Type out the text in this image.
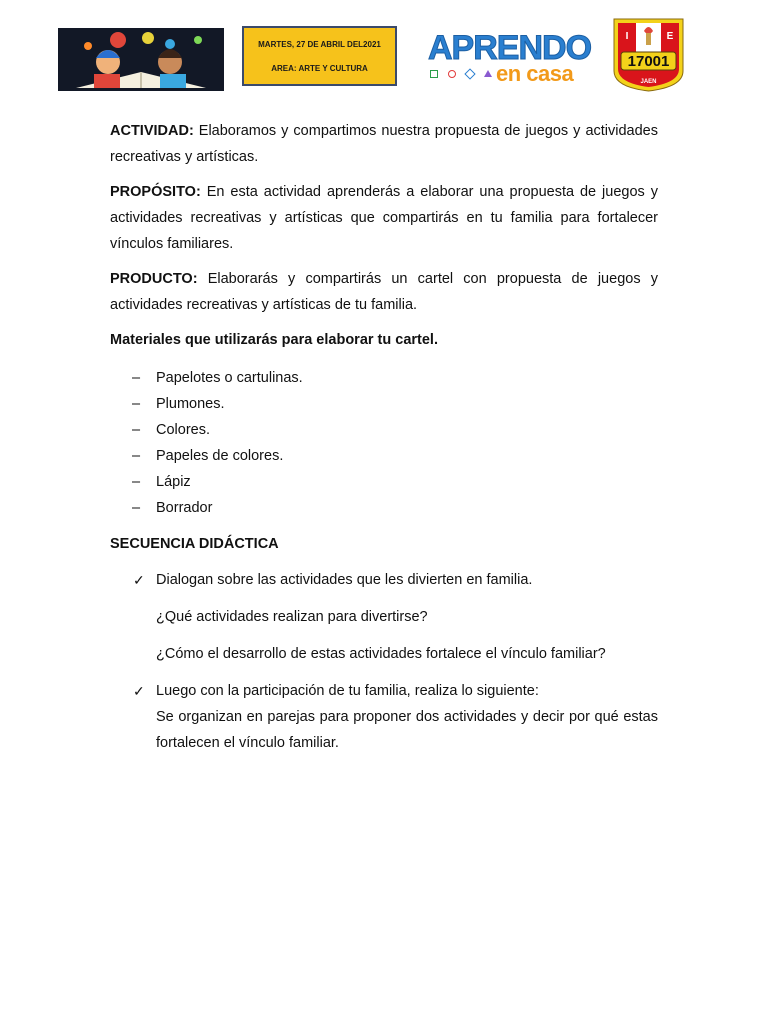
MARTES, 27 DE ABRIL DEL2021
AREA: ARTE Y CULTURA
APRENDO
en casa
I	E
17001
JAEN

ACTIVIDAD: Elaboramos y compartimos nuestra propuesta de juegos y actividades recreativas y artísticas.

PROPÓSITO: En esta actividad aprenderás a elaborar una propuesta de juegos y actividades recreativas y artísticas que compartirás en tu familia para fortalecer vínculos familiares.

PRODUCTO: Elaborarás y compartirás un cartel con propuesta de juegos y actividades recreativas y artísticas de tu familia.

Materiales que utilizarás para elaborar tu cartel.

– Papelotes o cartulinas.
– Plumones.
– Colores.
– Papeles de colores.
– Lápiz
– Borrador

SECUENCIA DIDÁCTICA

✓ Dialogan sobre las actividades que les divierten en familia.
¿Qué actividades realizan para divertirse?
¿Cómo el desarrollo de estas actividades fortalece el vínculo familiar?
✓ Luego con la participación de tu familia, realiza lo siguiente:
Se organizan en parejas para proponer dos actividades y decir por qué estas fortalecen el vínculo familiar.
